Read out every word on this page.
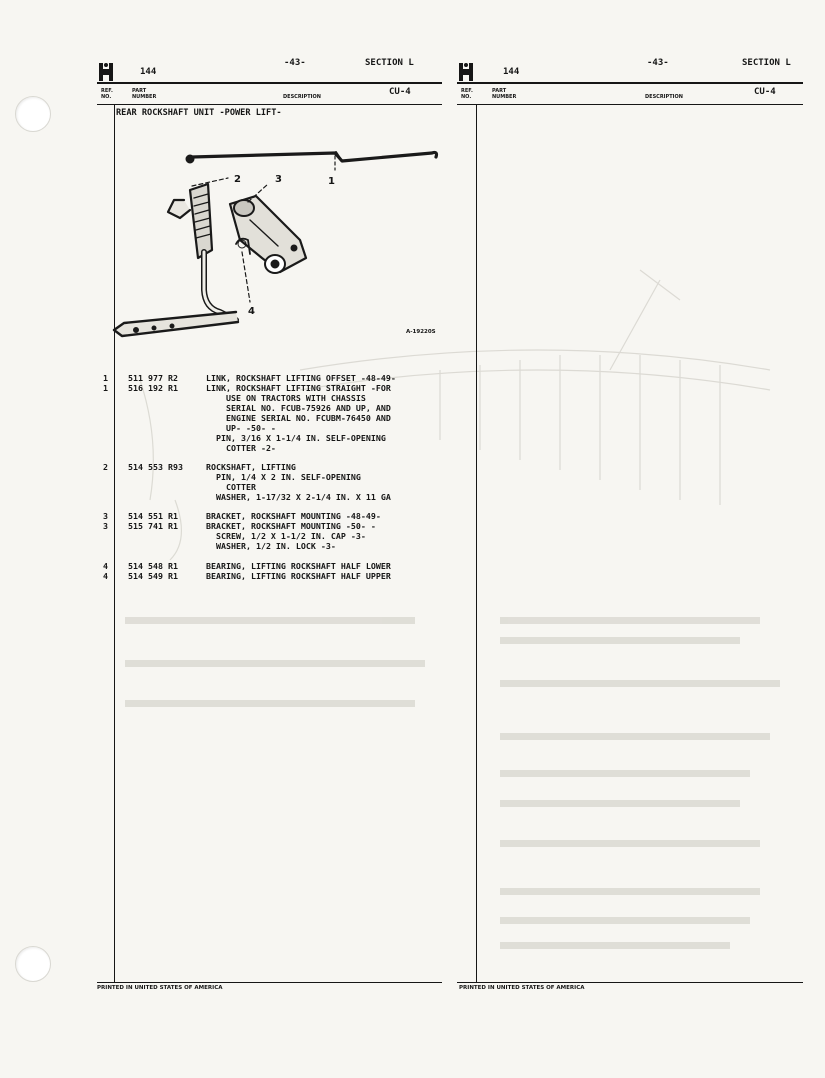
144
-43-	SECTION L
REF.
NO.
PART
NUMBER	DESCRIPTION	CU-4
144
-43-	SECTION L
REF.
NO.
PART
NUMBER	DESCRIPTION	CU-4
REAR ROCKSHAFT UNIT -POWER LIFT-
2	3	1
4
A-19220S
1	511 977 R2	LINK, ROCKSHAFT LIFTING OFFSET -48-49-
1	516 192 R1	LINK, ROCKSHAFT LIFTING STRAIGHT -FOR
USE ON TRACTORS WITH CHASSIS
SERIAL NO. FCUB-75926 AND UP, AND
ENGINE SERIAL NO. FCUBM-76450 AND
UP- -50- -
PIN, 3/16 X 1-1/4 IN. SELF-OPENING
COTTER -2-
2	514 553 R93	ROCKSHAFT, LIFTING
PIN, 1/4 X 2 IN. SELF-OPENING
COTTER
WASHER, 1-17/32 X 2-1/4 IN. X 11 GA
3	514 551 R1	BRACKET, ROCKSHAFT MOUNTING -48-49-
3	515 741 R1	BRACKET, ROCKSHAFT MOUNTING -50- -
SCREW, 1/2 X 1-1/2 IN. CAP -3-
WASHER, 1/2 IN. LOCK -3-
4	514 548 R1	BEARING, LIFTING ROCKSHAFT HALF LOWER
4	514 549 R1	BEARING, LIFTING ROCKSHAFT HALF UPPER
PRINTED IN UNITED STATES OF AMERICA	PRINTED IN UNITED STATES OF AMERICA
